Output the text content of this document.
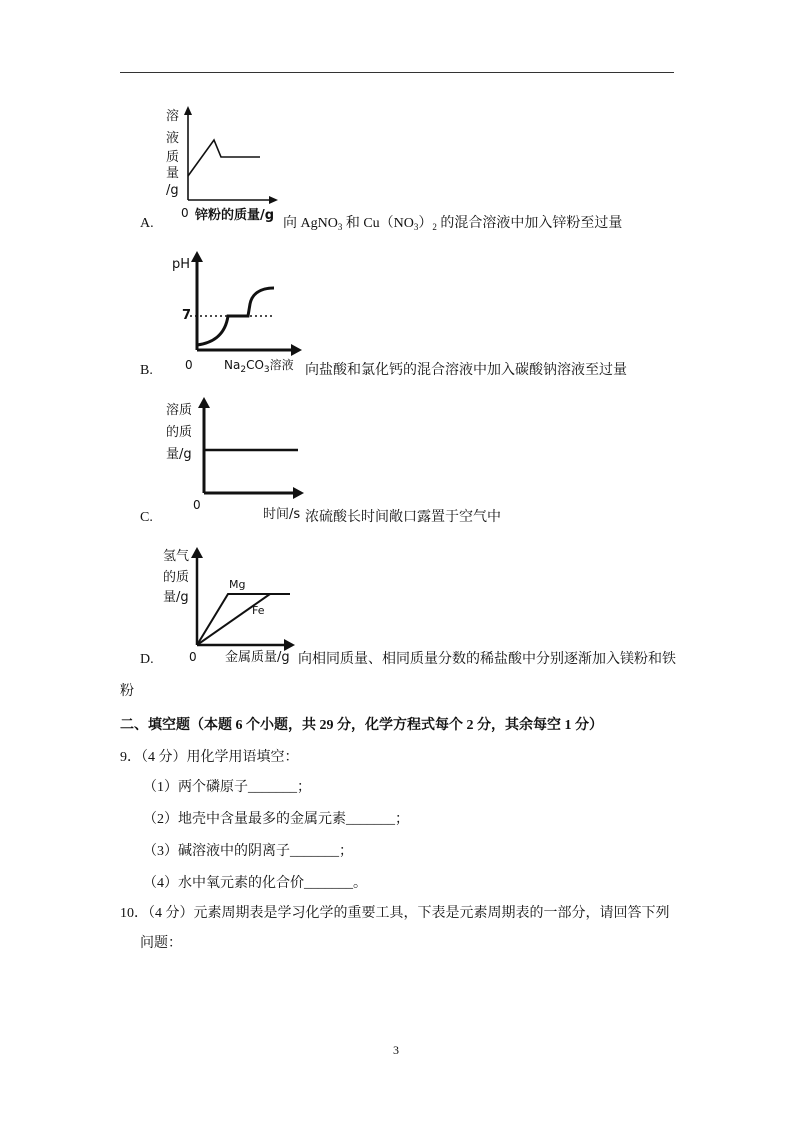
溶
液
质
量
/g
0 锌粉的质量/g
A.	向 AgNO$_3$ 和 $Cu(NO_3)_2$ 的混合溶液中加入锌粉至过量
pH
7
0	$Na_2CO_3$溶液
B.	向盐酸和氯化钙的混合溶液中加入碳酸钠溶液至过量
溶质
的质
量/g
0
时间/s
C.	浓硫酸长时间敞口露置于空气中
氢气
的质
量/g
Mg
Fe
0 金属质量/g
D.	向相同质量、相同质量分数的稀盐酸中分别逐渐加入镁粉和铁
粉
二、填空题（本题 6 个小题，共 29 分，化学方程式每个 2 分，其余每空 1 分）
9．（4 分）用化学用语填空：
（1）两个磷原子_______；
（2）地壳中含量最多的金属元素_______；
（3）碱溶液中的阴离子_______；
（4）水中氧元素的化合价_______。
10．（4 分）元素周期表是学习化学的重要工具，下表是元素周期表的一部分，请回答下列
问题：
3
